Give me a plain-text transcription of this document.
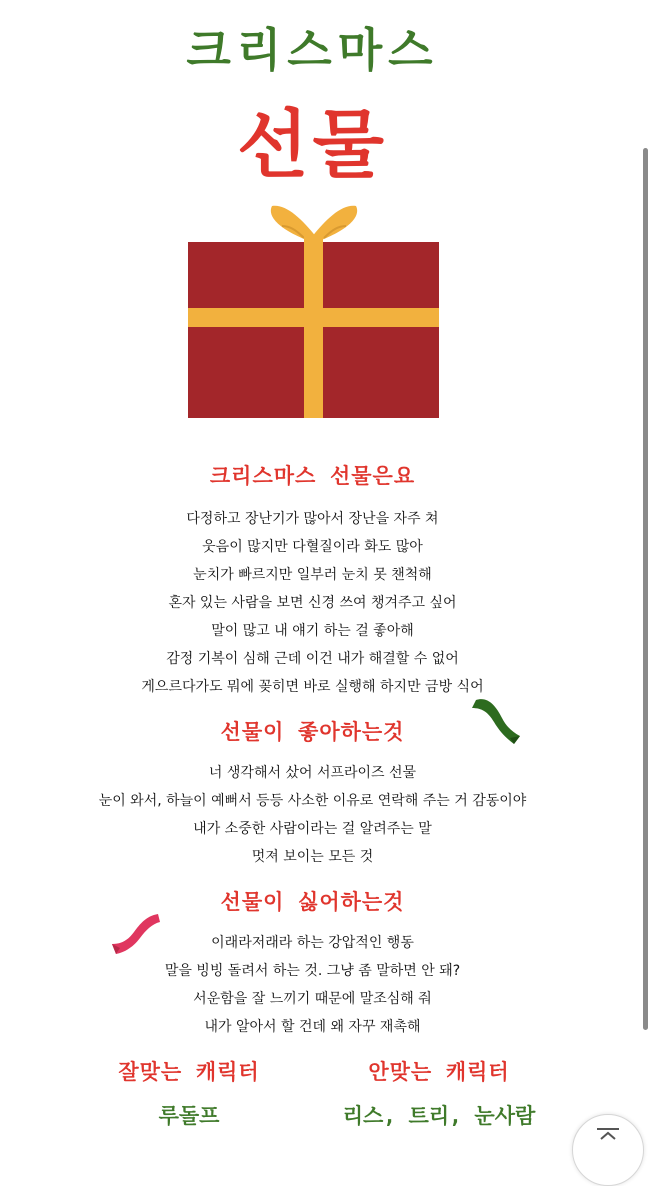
크리스마스
선물
크리스마스 선물은요
다정하고 장난기가 많아서 장난을 자주 쳐
웃음이 많지만 다혈질이라 화도 많아
눈치가 빠르지만 일부러 눈치 못 챈척해
혼자 있는 사람을 보면 신경 쓰여 챙겨주고 싶어
말이 많고 내 얘기 하는 걸 좋아해
감정 기복이 심해 근데 이건 내가 해결할 수 없어
게으르다가도 뭐에 꽂히면 바로 실행해 하지만 금방 식어
선물이 좋아하는것
너 생각해서 샀어 서프라이즈 선물
눈이 와서, 하늘이 예뻐서 등등 사소한 이유로 연락해 주는 거 감동이야
내가 소중한 사람이라는 걸 알려주는 말
멋져 보이는 모든 것
선물이 싫어하는것
이래라저래라 하는 강압적인 행동
말을 빙빙 돌려서 하는 것. 그냥 좀 말하면 안 돼?
서운함을 잘 느끼기 때문에 말조심해 줘
내가 알아서 할 건데 왜 자꾸 재촉해
잘맞는 캐릭터	안맞는 캐릭터
루돌프	리스, 트리, 눈사람
